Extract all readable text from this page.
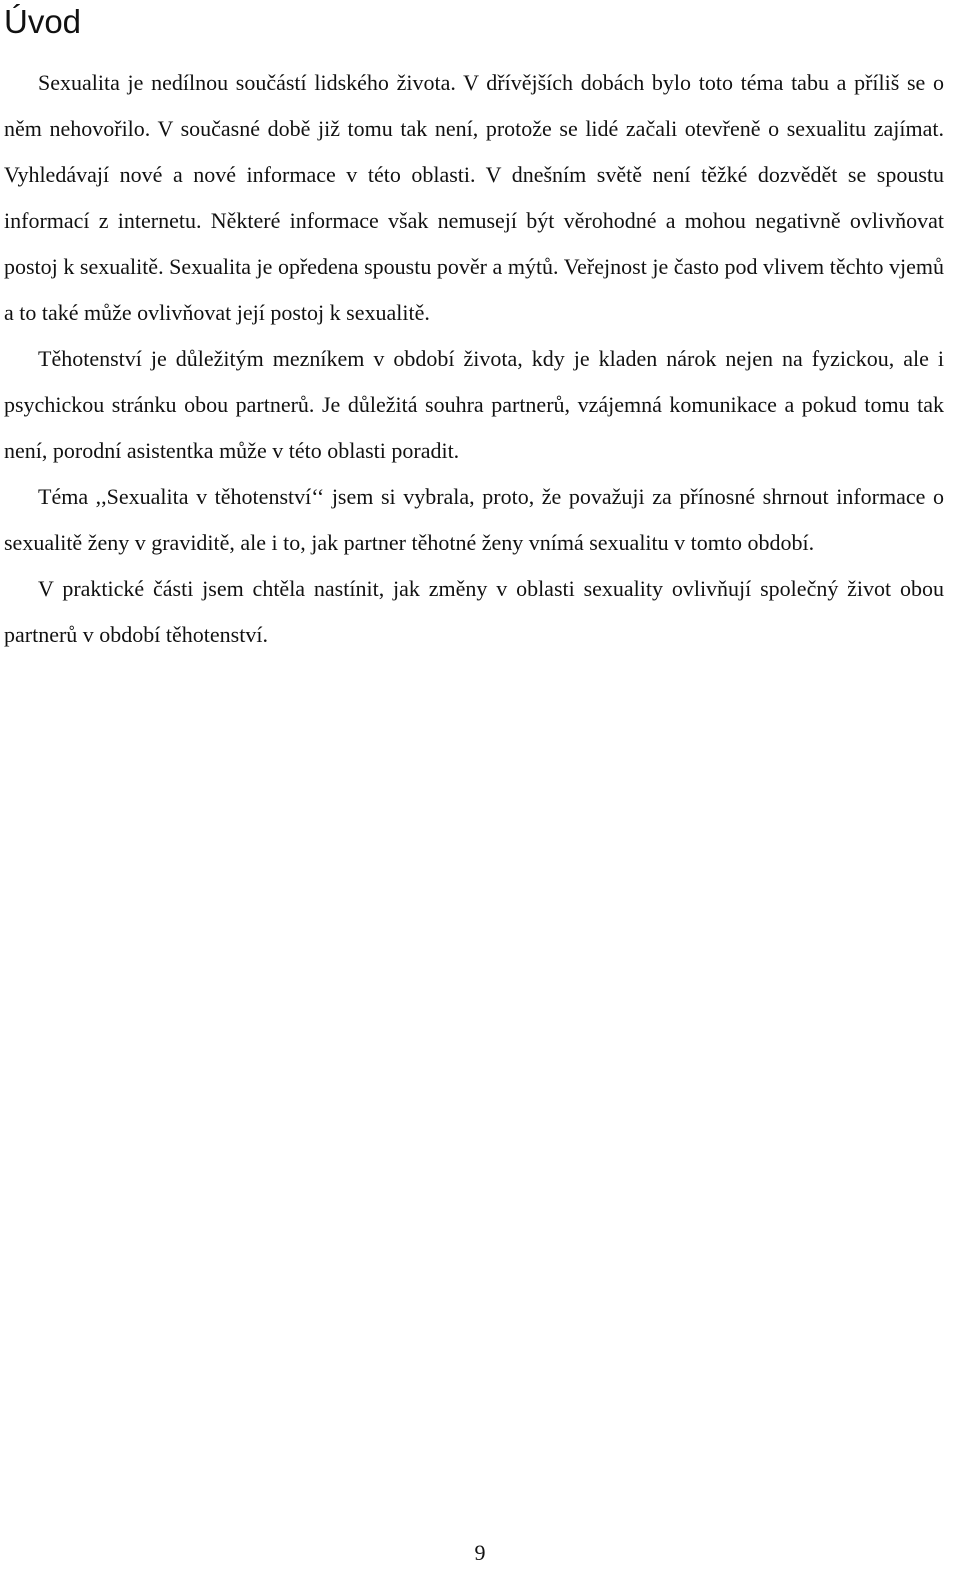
Úvod

Sexualita je nedílnou součástí lidského života. V dřívějších dobách bylo toto téma tabu a příliš se o něm nehovořilo. V současné době již tomu tak není, protože se lidé začali otevřeně o sexualitu zajímat. Vyhledávají nové a nové informace v této oblasti. V dnešním světě není těžké dozvědět se spoustu informací z internetu. Některé informace však nemusejí být věrohodné a mohou negativně ovlivňovat postoj k sexualitě. Sexualita je opředena spoustu pověr a mýtů. Veřejnost je často pod vlivem těchto vjemů a to také může ovlivňovat její postoj k sexualitě.

Těhotenství je důležitým mezníkem v období života, kdy je kladen nárok nejen na fyzickou, ale i psychickou stránku obou partnerů. Je důležitá souhra partnerů, vzájemná komunikace a pokud tomu tak není, porodní asistentka může v této oblasti poradit.

Téma ,,Sexualita v těhotenství‘‘ jsem si vybrala, proto, že považuji za přínosné shrnout informace o sexualitě ženy v graviditě, ale i to, jak partner těhotné ženy vnímá sexualitu v tomto období.

V praktické části jsem chtěla nastínit, jak změny v oblasti sexuality ovlivňují společný život obou partnerů v období těhotenství.

9
